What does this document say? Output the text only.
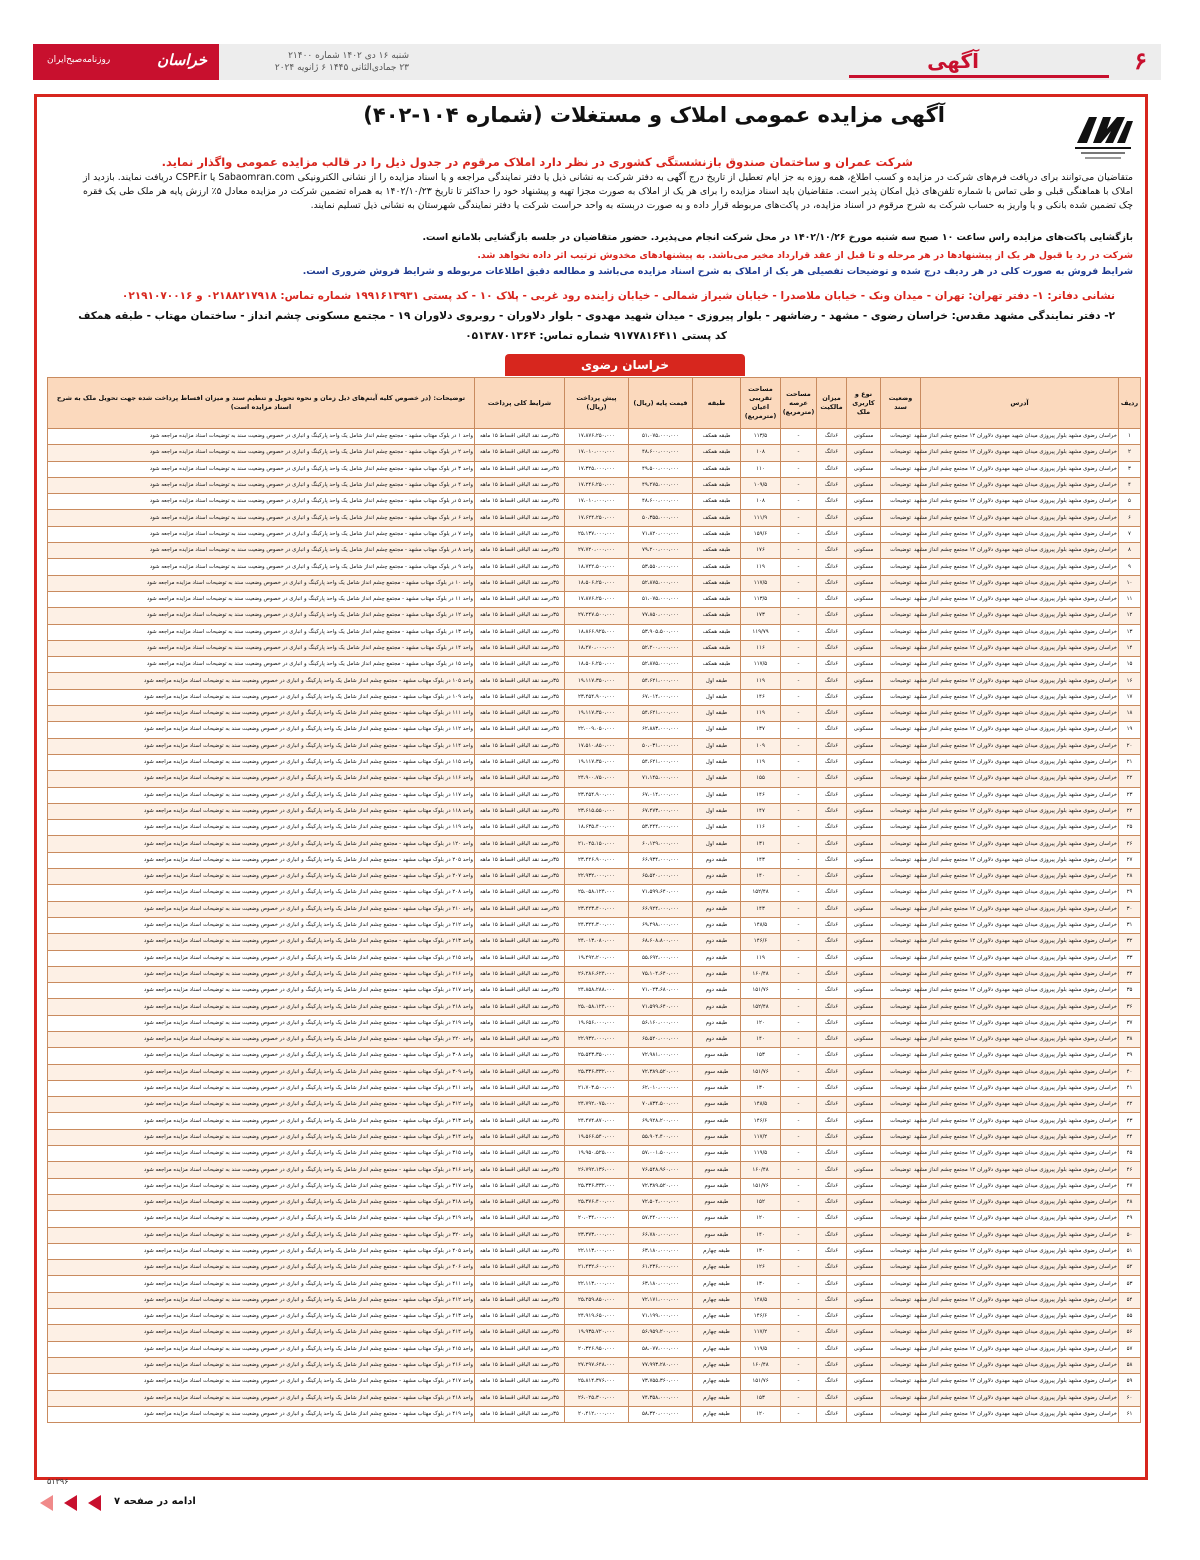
۶
آگهی
شنبه ۱۶ دی ۱۴۰۲ شماره ۲۱۴۰۰
۲۳ جمادی‌الثانی ۱۴۴۵ ۶ ژانویه ۲۰۲۴
خراسان
روزنامه‌صبح‌ایران
آگهی مزایده عمومی املاک و مستغلات (شماره ۱۰۴-۴۰۲)
شرکت عمران و ساختمان صندوق بازنشستگی کشوری در نظر دارد املاک مرقوم در جدول ذیل را در قالب مزایده عمومی واگذار نماید.
متقاضیان می‌توانند برای دریافت فرم‌های شرکت در مزایده و کسب اطلاع، همه روزه به جز ایام تعطیل از تاریخ درج آگهی به دفتر شرکت به نشانی ذیل یا دفتر نمایندگی مراجعه و یا اسناد مزایده را از نشانی الکترونیکی Sabaomran.com یا CSPF.ir دریافت نمایند. بازدید از املاک با هماهنگی قبلی و طی تماس با شماره تلفن‌های ذیل امکان پذیر است. متقاضیان باید اسناد مزایده را برای هر یک از املاک به صورت مجزا تهیه و پیشنهاد خود را حداکثر تا تاریخ ۱۴۰۲/۱۰/۲۳ به همراه تضمین شرکت در مزایده معادل ۵٪ ارزش پایه هر ملک طی یک فقره چک تضمین شده بانکی و یا واریز به حساب شرکت به شرح مرقوم در اسناد مزایده، در پاکت‌های مربوطه قرار داده و به صورت دربسته به واحد حراست شرکت یا دفتر نمایندگی شهرستان به نشانی ذیل تسلیم نمایند.
بازگشایی پاکت‌های مزایده راس ساعت ۱۰ صبح سه شنبه مورخ ۱۴۰۲/۱۰/۲۶ در محل شرکت انجام می‌پذیرد. حضور متقاضیان در جلسه بازگشایی بلامانع است.
شرکت در رد یا قبول هر یک از پیشنهادها در هر مرحله و تا قبل از عقد قرارداد مخیر می‌باشد. به پیشنهادهای مخدوش ترتیب اثر داده نخواهد شد.
شرایط فروش به صورت کلی در هر ردیف درج شده و توضیحات تفصیلی هر یک از املاک به شرح اسناد مزایده می‌باشد و مطالعه دقیق اطلاعات مربوطه و شرایط فروش ضروری است.
نشانی دفاتر: ۱- دفتر تهران: تهران - میدان ونک - خیابان ملاصدرا - خیابان شیراز شمالی - خیابان زاینده رود غربی - پلاک ۱۰ - کد پستی ۱۹۹۱۶۱۳۹۳۱ شماره تماس: ۰۲۱۸۸۲۱۷۹۱۸ و ۰۲۱۹۱۰۷۰۰۱۶
۲- دفتر نمایندگی مشهد مقدس: خراسان رضوی - مشهد - رضاشهر - بلوار پیروزی - میدان شهید مهدوی - بلوار دلاوران - روبروی دلاوران ۱۹ - مجتمع مسکونی چشم انداز - ساختمان مهتاب - طبقه همکف
کد پستی ۹۱۷۷۸۱۶۴۱۱ شماره تماس: ۰۵۱۳۸۷۰۱۳۶۴
خراسان رضوی
ردیف	آدرس	وضعیت سند	نوع و کاربری ملک	میزان مالکیت	مساحت عرصه (مترمربع)	مساحت تقریبی اعیان (مترمربع)	طبقه	قیمت پایه (ریال)	پیش پرداخت (ریال)	شرایط کلی پرداخت	توضیحات: (در خصوص کلیه آیتم‌های ذیل زمان و نحوه تحویل و تنظیم سند و میزان اقساط پرداخت شده جهت تحویل ملک به شرح اسناد مزایده است)
۱	خراسان رضوی مشهد بلوار پیروزی میدان شهید مهدوی دلاوران ۱۲ مجتمع چشم انداز مشهد	توضیحات	مسکونی	۶دانگ	-	۱۱۳/۵	طبقه همکف	۵۱،۰۷۵،۰۰۰،۰۰۰	۱۷،۸۷۶،۲۵۰،۰۰۰	۳۵درصد نقد الباقی اقساط ۱۵ ماهه	واحد ۱ در بلوک مهتاب مشهد - مجتمع چشم انداز شامل یک واحد پارکینگ و انباری در خصوص وضعیت سند به توضیحات اسناد مزایده مراجعه شود
۲	خراسان رضوی مشهد بلوار پیروزی میدان شهید مهدوی دلاوران ۱۲ مجتمع چشم انداز مشهد	توضیحات	مسکونی	۶دانگ	-	۱۰۸	طبقه همکف	۴۸،۶۰۰،۰۰۰،۰۰۰	۱۷،۰۱۰،۰۰۰،۰۰۰	۳۵درصد نقد الباقی اقساط ۱۵ ماهه	واحد ۲ در بلوک مهتاب مشهد - مجتمع چشم انداز شامل یک واحد پارکینگ و انباری در خصوص وضعیت سند به توضیحات اسناد مزایده مراجعه شود
۳	خراسان رضوی مشهد بلوار پیروزی میدان شهید مهدوی دلاوران ۱۲ مجتمع چشم انداز مشهد	توضیحات	مسکونی	۶دانگ	-	۱۱۰	طبقه همکف	۴۹،۵۰۰،۰۰۰،۰۰۰	۱۷،۳۲۵،۰۰۰،۰۰۰	۳۵درصد نقد الباقی اقساط ۱۵ ماهه	واحد ۳ در بلوک مهتاب مشهد - مجتمع چشم انداز شامل یک واحد پارکینگ و انباری در خصوص وضعیت سند به توضیحات اسناد مزایده مراجعه شود
۴	خراسان رضوی مشهد بلوار پیروزی میدان شهید مهدوی دلاوران ۱۲ مجتمع چشم انداز مشهد	توضیحات	مسکونی	۶دانگ	-	۱۰۹/۵	طبقه همکف	۴۹،۲۷۵،۰۰۰،۰۰۰	۱۷،۲۴۶،۲۵۰،۰۰۰	۳۵درصد نقد الباقی اقساط ۱۵ ماهه	واحد ۴ در بلوک مهتاب مشهد - مجتمع چشم انداز شامل یک واحد پارکینگ و انباری در خصوص وضعیت سند به توضیحات اسناد مزایده مراجعه شود
۵	خراسان رضوی مشهد بلوار پیروزی میدان شهید مهدوی دلاوران ۱۲ مجتمع چشم انداز مشهد	توضیحات	مسکونی	۶دانگ	-	۱۰۸	طبقه همکف	۴۸،۶۰۰،۰۰۰،۰۰۰	۱۷،۰۱۰،۰۰۰،۰۰۰	۳۵درصد نقد الباقی اقساط ۱۵ ماهه	واحد ۵ در بلوک مهتاب مشهد - مجتمع چشم انداز شامل یک واحد پارکینگ و انباری در خصوص وضعیت سند به توضیحات اسناد مزایده مراجعه شود
۶	خراسان رضوی مشهد بلوار پیروزی میدان شهید مهدوی دلاوران ۱۲ مجتمع چشم انداز مشهد	توضیحات	مسکونی	۶دانگ	-	۱۱۱/۹	طبقه همکف	۵۰،۳۵۵،۰۰۰،۰۰۰	۱۷،۶۲۴،۲۵۰،۰۰۰	۳۵درصد نقد الباقی اقساط ۱۵ ماهه	واحد ۶ در بلوک مهتاب مشهد - مجتمع چشم انداز شامل یک واحد پارکینگ و انباری در خصوص وضعیت سند به توضیحات اسناد مزایده مراجعه شود
۷	خراسان رضوی مشهد بلوار پیروزی میدان شهید مهدوی دلاوران ۱۲ مجتمع چشم انداز مشهد	توضیحات	مسکونی	۶دانگ	-	۱۵۹/۶	طبقه همکف	۷۱،۸۲۰،۰۰۰،۰۰۰	۲۵،۱۳۷،۰۰۰،۰۰۰	۳۵درصد نقد الباقی اقساط ۱۵ ماهه	واحد ۷ در بلوک مهتاب مشهد - مجتمع چشم انداز شامل یک واحد پارکینگ و انباری در خصوص وضعیت سند به توضیحات اسناد مزایده مراجعه شود
۸	خراسان رضوی مشهد بلوار پیروزی میدان شهید مهدوی دلاوران ۱۲ مجتمع چشم انداز مشهد	توضیحات	مسکونی	۶دانگ	-	۱۷۶	طبقه همکف	۷۹،۲۰۰،۰۰۰،۰۰۰	۲۷،۷۲۰،۰۰۰،۰۰۰	۳۵درصد نقد الباقی اقساط ۱۵ ماهه	واحد ۸ در بلوک مهتاب مشهد - مجتمع چشم انداز شامل یک واحد پارکینگ و انباری در خصوص وضعیت سند به توضیحات اسناد مزایده مراجعه شود
۹	خراسان رضوی مشهد بلوار پیروزی میدان شهید مهدوی دلاوران ۱۲ مجتمع چشم انداز مشهد	توضیحات	مسکونی	۶دانگ	-	۱۱۹	طبقه همکف	۵۳،۵۵۰،۰۰۰،۰۰۰	۱۸،۷۴۲،۵۰۰،۰۰۰	۳۵درصد نقد الباقی اقساط ۱۵ ماهه	واحد ۹ در بلوک مهتاب مشهد - مجتمع چشم انداز شامل یک واحد پارکینگ و انباری در خصوص وضعیت سند به توضیحات اسناد مزایده مراجعه شود
۱۰	خراسان رضوی مشهد بلوار پیروزی میدان شهید مهدوی دلاوران ۱۲ مجتمع چشم انداز مشهد	توضیحات	مسکونی	۶دانگ	-	۱۱۷/۵	طبقه همکف	۵۲،۸۷۵،۰۰۰،۰۰۰	۱۸،۵۰۶،۲۵۰،۰۰۰	۳۵درصد نقد الباقی اقساط ۱۵ ماهه	واحد ۱۰ در بلوک مهتاب مشهد - مجتمع چشم انداز شامل یک واحد پارکینگ و انباری در خصوص وضعیت سند به توضیحات اسناد مزایده مراجعه شود
۱۱	خراسان رضوی مشهد بلوار پیروزی میدان شهید مهدوی دلاوران ۱۲ مجتمع چشم انداز مشهد	توضیحات	مسکونی	۶دانگ	-	۱۱۳/۵	طبقه همکف	۵۱،۰۷۵،۰۰۰،۰۰۰	۱۷،۸۷۶،۲۵۰،۰۰۰	۳۵درصد نقد الباقی اقساط ۱۵ ماهه	واحد ۱۱ در بلوک مهتاب مشهد - مجتمع چشم انداز شامل یک واحد پارکینگ و انباری در خصوص وضعیت سند به توضیحات اسناد مزایده مراجعه شود
۱۲	خراسان رضوی مشهد بلوار پیروزی میدان شهید مهدوی دلاوران ۱۲ مجتمع چشم انداز مشهد	توضیحات	مسکونی	۶دانگ	-	۱۷۳	طبقه همکف	۷۷،۸۵۰،۰۰۰،۰۰۰	۲۷،۲۴۷،۵۰۰،۰۰۰	۳۵درصد نقد الباقی اقساط ۱۵ ماهه	واحد ۱۲ در بلوک مهتاب مشهد - مجتمع چشم انداز شامل یک واحد پارکینگ و انباری در خصوص وضعیت سند به توضیحات اسناد مزایده مراجعه شود
۱۳	خراسان رضوی مشهد بلوار پیروزی میدان شهید مهدوی دلاوران ۱۲ مجتمع چشم انداز مشهد	توضیحات	مسکونی	۶دانگ	-	۱۱۹/۷۹	طبقه همکف	۵۳،۹۰۵،۵۰۰،۰۰۰	۱۸،۸۶۶،۹۲۵،۰۰۰	۳۵درصد نقد الباقی اقساط ۱۵ ماهه	واحد ۱۳ در بلوک مهتاب مشهد - مجتمع چشم انداز شامل یک واحد پارکینگ و انباری در خصوص وضعیت سند به توضیحات اسناد مزایده مراجعه شود
۱۴	خراسان رضوی مشهد بلوار پیروزی میدان شهید مهدوی دلاوران ۱۲ مجتمع چشم انداز مشهد	توضیحات	مسکونی	۶دانگ	-	۱۱۶	طبقه همکف	۵۲،۲۰۰،۰۰۰،۰۰۰	۱۸،۲۷۰،۰۰۰،۰۰۰	۳۵درصد نقد الباقی اقساط ۱۵ ماهه	واحد ۱۴ در بلوک مهتاب مشهد - مجتمع چشم انداز شامل یک واحد پارکینگ و انباری در خصوص وضعیت سند به توضیحات اسناد مزایده مراجعه شود
۱۵	خراسان رضوی مشهد بلوار پیروزی میدان شهید مهدوی دلاوران ۱۲ مجتمع چشم انداز مشهد	توضیحات	مسکونی	۶دانگ	-	۱۱۷/۵	طبقه همکف	۵۲،۸۷۵،۰۰۰،۰۰۰	۱۸،۵۰۶،۲۵۰،۰۰۰	۳۵درصد نقد الباقی اقساط ۱۵ ماهه	واحد ۱۵ در بلوک مهتاب مشهد - مجتمع چشم انداز شامل یک واحد پارکینگ و انباری در خصوص وضعیت سند به توضیحات اسناد مزایده مراجعه شود
۱۶	خراسان رضوی مشهد بلوار پیروزی میدان شهید مهدوی دلاوران ۱۲ مجتمع چشم انداز مشهد	توضیحات	مسکونی	۶دانگ	-	۱۱۹	طبقه اول	۵۴،۶۲۱،۰۰۰،۰۰۰	۱۹،۱۱۷،۳۵۰،۰۰۰	۳۵درصد نقد الباقی اقساط ۱۵ ماهه	واحد ۱۰۵ در بلوک مهتاب مشهد - مجتمع چشم انداز شامل یک واحد پارکینگ و انباری در خصوص وضعیت سند به توضیحات اسناد مزایده مراجعه شود
۱۷	خراسان رضوی مشهد بلوار پیروزی میدان شهید مهدوی دلاوران ۱۲ مجتمع چشم انداز مشهد	توضیحات	مسکونی	۶دانگ	-	۱۴۶	طبقه اول	۶۷،۰۱۴،۰۰۰،۰۰۰	۲۳،۴۵۴،۹۰۰،۰۰۰	۳۵درصد نقد الباقی اقساط ۱۵ ماهه	واحد ۱۰۹ در بلوک مهتاب مشهد - مجتمع چشم انداز شامل یک واحد پارکینگ و انباری در خصوص وضعیت سند به توضیحات اسناد مزایده مراجعه شود
۱۸	خراسان رضوی مشهد بلوار پیروزی میدان شهید مهدوی دلاوران ۱۲ مجتمع چشم انداز مشهد	توضیحات	مسکونی	۶دانگ	-	۱۱۹	طبقه اول	۵۴،۶۲۱،۰۰۰،۰۰۰	۱۹،۱۱۷،۳۵۰،۰۰۰	۳۵درصد نقد الباقی اقساط ۱۵ ماهه	واحد ۱۱۱ در بلوک مهتاب مشهد - مجتمع چشم انداز شامل یک واحد پارکینگ و انباری در خصوص وضعیت سند به توضیحات اسناد مزایده مراجعه شود
۱۹	خراسان رضوی مشهد بلوار پیروزی میدان شهید مهدوی دلاوران ۱۲ مجتمع چشم انداز مشهد	توضیحات	مسکونی	۶دانگ	-	۱۳۷	طبقه اول	۶۲،۸۸۳،۰۰۰،۰۰۰	۲۲،۰۰۹،۰۵۰،۰۰۰	۳۵درصد نقد الباقی اقساط ۱۵ ماهه	واحد ۱۱۲ در بلوک مهتاب مشهد - مجتمع چشم انداز شامل یک واحد پارکینگ و انباری در خصوص وضعیت سند به توضیحات اسناد مزایده مراجعه شود
۲۰	خراسان رضوی مشهد بلوار پیروزی میدان شهید مهدوی دلاوران ۱۲ مجتمع چشم انداز مشهد	توضیحات	مسکونی	۶دانگ	-	۱۰۹	طبقه اول	۵۰،۰۳۱،۰۰۰،۰۰۰	۱۷،۵۱۰،۸۵۰،۰۰۰	۳۵درصد نقد الباقی اقساط ۱۵ ماهه	واحد ۱۱۴ در بلوک مهتاب مشهد - مجتمع چشم انداز شامل یک واحد پارکینگ و انباری در خصوص وضعیت سند به توضیحات اسناد مزایده مراجعه شود
۲۱	خراسان رضوی مشهد بلوار پیروزی میدان شهید مهدوی دلاوران ۱۲ مجتمع چشم انداز مشهد	توضیحات	مسکونی	۶دانگ	-	۱۱۹	طبقه اول	۵۴،۶۲۱،۰۰۰،۰۰۰	۱۹،۱۱۷،۳۵۰،۰۰۰	۳۵درصد نقد الباقی اقساط ۱۵ ماهه	واحد ۱۱۵ در بلوک مهتاب مشهد - مجتمع چشم انداز شامل یک واحد پارکینگ و انباری در خصوص وضعیت سند به توضیحات اسناد مزایده مراجعه شود
۲۲	خراسان رضوی مشهد بلوار پیروزی میدان شهید مهدوی دلاوران ۱۲ مجتمع چشم انداز مشهد	توضیحات	مسکونی	۶دانگ	-	۱۵۵	طبقه اول	۷۱،۱۴۵،۰۰۰،۰۰۰	۲۴،۹۰۰،۷۵۰،۰۰۰	۳۵درصد نقد الباقی اقساط ۱۵ ماهه	واحد ۱۱۶ در بلوک مهتاب مشهد - مجتمع چشم انداز شامل یک واحد پارکینگ و انباری در خصوص وضعیت سند به توضیحات اسناد مزایده مراجعه شود
۲۳	خراسان رضوی مشهد بلوار پیروزی میدان شهید مهدوی دلاوران ۱۲ مجتمع چشم انداز مشهد	توضیحات	مسکونی	۶دانگ	-	۱۴۶	طبقه اول	۶۷،۰۱۴،۰۰۰،۰۰۰	۲۳،۴۵۴،۹۰۰،۰۰۰	۳۵درصد نقد الباقی اقساط ۱۵ ماهه	واحد ۱۱۷ در بلوک مهتاب مشهد - مجتمع چشم انداز شامل یک واحد پارکینگ و انباری در خصوص وضعیت سند به توضیحات اسناد مزایده مراجعه شود
۲۴	خراسان رضوی مشهد بلوار پیروزی میدان شهید مهدوی دلاوران ۱۲ مجتمع چشم انداز مشهد	توضیحات	مسکونی	۶دانگ	-	۱۴۷	طبقه اول	۶۷،۴۷۳،۰۰۰،۰۰۰	۲۳،۶۱۵،۵۵۰،۰۰۰	۳۵درصد نقد الباقی اقساط ۱۵ ماهه	واحد ۱۱۸ در بلوک مهتاب مشهد - مجتمع چشم انداز شامل یک واحد پارکینگ و انباری در خصوص وضعیت سند به توضیحات اسناد مزایده مراجعه شود
۲۵	خراسان رضوی مشهد بلوار پیروزی میدان شهید مهدوی دلاوران ۱۲ مجتمع چشم انداز مشهد	توضیحات	مسکونی	۶دانگ	-	۱۱۶	طبقه اول	۵۳،۲۴۴،۰۰۰،۰۰۰	۱۸،۶۳۵،۴۰۰،۰۰۰	۳۵درصد نقد الباقی اقساط ۱۵ ماهه	واحد ۱۱۹ در بلوک مهتاب مشهد - مجتمع چشم انداز شامل یک واحد پارکینگ و انباری در خصوص وضعیت سند به توضیحات اسناد مزایده مراجعه شود
۲۶	خراسان رضوی مشهد بلوار پیروزی میدان شهید مهدوی دلاوران ۱۲ مجتمع چشم انداز مشهد	توضیحات	مسکونی	۶دانگ	-	۱۳۱	طبقه اول	۶۰،۱۲۹،۰۰۰،۰۰۰	۲۱،۰۴۵،۱۵۰،۰۰۰	۳۵درصد نقد الباقی اقساط ۱۵ ماهه	واحد ۱۲۰ در بلوک مهتاب مشهد - مجتمع چشم انداز شامل یک واحد پارکینگ و انباری در خصوص وضعیت سند به توضیحات اسناد مزایده مراجعه شود
۲۷	خراسان رضوی مشهد بلوار پیروزی میدان شهید مهدوی دلاوران ۱۲ مجتمع چشم انداز مشهد	توضیحات	مسکونی	۶دانگ	-	۱۴۳	طبقه دوم	۶۶،۹۳۴،۰۰۰،۰۰۰	۲۳،۴۲۶،۹۰۰،۰۰۰	۳۵درصد نقد الباقی اقساط ۱۵ ماهه	واحد ۲۰۵ در بلوک مهتاب مشهد - مجتمع چشم انداز شامل یک واحد پارکینگ و انباری در خصوص وضعیت سند به توضیحات اسناد مزایده مراجعه شود
۲۸	خراسان رضوی مشهد بلوار پیروزی میدان شهید مهدوی دلاوران ۱۲ مجتمع چشم انداز مشهد	توضیحات	مسکونی	۶دانگ	-	۱۴۰	طبقه دوم	۶۵،۵۲۰،۰۰۰،۰۰۰	۲۲،۹۳۲،۰۰۰،۰۰۰	۳۵درصد نقد الباقی اقساط ۱۵ ماهه	واحد ۲۰۷ در بلوک مهتاب مشهد - مجتمع چشم انداز شامل یک واحد پارکینگ و انباری در خصوص وضعیت سند به توضیحات اسناد مزایده مراجعه شود
۲۹	خراسان رضوی مشهد بلوار پیروزی میدان شهید مهدوی دلاوران ۱۲ مجتمع چشم انداز مشهد	توضیحات	مسکونی	۶دانگ	-	۱۵۲/۴۸	طبقه دوم	۷۱،۵۹۹،۶۴۰،۰۰۰	۲۵،۰۵۸،۱۲۴،۰۰۰	۳۵درصد نقد الباقی اقساط ۱۵ ماهه	واحد ۲۰۸ در بلوک مهتاب مشهد - مجتمع چشم انداز شامل یک واحد پارکینگ و انباری در خصوص وضعیت سند به توضیحات اسناد مزایده مراجعه شود
۳۰	خراسان رضوی مشهد بلوار پیروزی میدان شهید مهدوی دلاوران ۱۲ مجتمع چشم انداز مشهد	توضیحات	مسکونی	۶دانگ	-	۱۴۳	طبقه دوم	۶۶،۹۲۴،۰۰۰،۰۰۰	۲۳،۴۲۳،۴۰۰،۰۰۰	۳۵درصد نقد الباقی اقساط ۱۵ ماهه	واحد ۲۱۰ در بلوک مهتاب مشهد - مجتمع چشم انداز شامل یک واحد پارکینگ و انباری در خصوص وضعیت سند به توضیحات اسناد مزایده مراجعه شود
۳۱	خراسان رضوی مشهد بلوار پیروزی میدان شهید مهدوی دلاوران ۱۲ مجتمع چشم انداز مشهد	توضیحات	مسکونی	۶دانگ	-	۱۴۸/۵	طبقه دوم	۶۹،۴۹۸،۰۰۰،۰۰۰	۲۴،۳۲۴،۳۰۰،۰۰۰	۳۵درصد نقد الباقی اقساط ۱۵ ماهه	واحد ۲۱۲ در بلوک مهتاب مشهد - مجتمع چشم انداز شامل یک واحد پارکینگ و انباری در خصوص وضعیت سند به توضیحات اسناد مزایده مراجعه شود
۳۲	خراسان رضوی مشهد بلوار پیروزی میدان شهید مهدوی دلاوران ۱۲ مجتمع چشم انداز مشهد	توضیحات	مسکونی	۶دانگ	-	۱۴۶/۶	طبقه دوم	۶۸،۶۰۸،۸۰۰،۰۰۰	۲۴،۰۱۳،۰۸۰،۰۰۰	۳۵درصد نقد الباقی اقساط ۱۵ ماهه	واحد ۲۱۳ در بلوک مهتاب مشهد - مجتمع چشم انداز شامل یک واحد پارکینگ و انباری در خصوص وضعیت سند به توضیحات اسناد مزایده مراجعه شود
۳۳	خراسان رضوی مشهد بلوار پیروزی میدان شهید مهدوی دلاوران ۱۲ مجتمع چشم انداز مشهد	توضیحات	مسکونی	۶دانگ	-	۱۱۹	طبقه دوم	۵۵،۶۹۲،۰۰۰،۰۰۰	۱۹،۴۹۲،۲۰۰،۰۰۰	۳۵درصد نقد الباقی اقساط ۱۵ ماهه	واحد ۲۱۵ در بلوک مهتاب مشهد - مجتمع چشم انداز شامل یک واحد پارکینگ و انباری در خصوص وضعیت سند به توضیحات اسناد مزایده مراجعه شود
۳۴	خراسان رضوی مشهد بلوار پیروزی میدان شهید مهدوی دلاوران ۱۲ مجتمع چشم انداز مشهد	توضیحات	مسکونی	۶دانگ	-	۱۶۰/۴۸	طبقه دوم	۷۵،۱۰۴،۶۴۰،۰۰۰	۲۶،۲۸۶،۶۲۴،۰۰۰	۳۵درصد نقد الباقی اقساط ۱۵ ماهه	واحد ۲۱۶ در بلوک مهتاب مشهد - مجتمع چشم انداز شامل یک واحد پارکینگ و انباری در خصوص وضعیت سند به توضیحات اسناد مزایده مراجعه شود
۳۵	خراسان رضوی مشهد بلوار پیروزی میدان شهید مهدوی دلاوران ۱۲ مجتمع چشم انداز مشهد	توضیحات	مسکونی	۶دانگ	-	۱۵۱/۷۶	طبقه دوم	۷۱،۰۲۳،۶۸۰،۰۰۰	۲۴،۸۵۸،۲۸۸،۰۰۰	۳۵درصد نقد الباقی اقساط ۱۵ ماهه	واحد ۲۱۷ در بلوک مهتاب مشهد - مجتمع چشم انداز شامل یک واحد پارکینگ و انباری در خصوص وضعیت سند به توضیحات اسناد مزایده مراجعه شود
۳۶	خراسان رضوی مشهد بلوار پیروزی میدان شهید مهدوی دلاوران ۱۲ مجتمع چشم انداز مشهد	توضیحات	مسکونی	۶دانگ	-	۱۵۲/۴۸	طبقه دوم	۷۱،۵۹۹،۶۴۰،۰۰۰	۲۵،۰۵۸،۱۲۴،۰۰۰	۳۵درصد نقد الباقی اقساط ۱۵ ماهه	واحد ۲۱۸ در بلوک مهتاب مشهد - مجتمع چشم انداز شامل یک واحد پارکینگ و انباری در خصوص وضعیت سند به توضیحات اسناد مزایده مراجعه شود
۳۷	خراسان رضوی مشهد بلوار پیروزی میدان شهید مهدوی دلاوران ۱۲ مجتمع چشم انداز مشهد	توضیحات	مسکونی	۶دانگ	-	۱۲۰	طبقه دوم	۵۶،۱۶۰،۰۰۰،۰۰۰	۱۹،۶۵۶،۰۰۰،۰۰۰	۳۵درصد نقد الباقی اقساط ۱۵ ماهه	واحد ۲۱۹ در بلوک مهتاب مشهد - مجتمع چشم انداز شامل یک واحد پارکینگ و انباری در خصوص وضعیت سند به توضیحات اسناد مزایده مراجعه شود
۳۸	خراسان رضوی مشهد بلوار پیروزی میدان شهید مهدوی دلاوران ۱۲ مجتمع چشم انداز مشهد	توضیحات	مسکونی	۶دانگ	-	۱۴۰	طبقه دوم	۶۵،۵۲۰،۰۰۰،۰۰۰	۲۲،۹۳۲،۰۰۰،۰۰۰	۳۵درصد نقد الباقی اقساط ۱۵ ماهه	واحد ۲۲۰ در بلوک مهتاب مشهد - مجتمع چشم انداز شامل یک واحد پارکینگ و انباری در خصوص وضعیت سند به توضیحات اسناد مزایده مراجعه شود
۳۹	خراسان رضوی مشهد بلوار پیروزی میدان شهید مهدوی دلاوران ۱۲ مجتمع چشم انداز مشهد	توضیحات	مسکونی	۶دانگ	-	۱۵۳	طبقه سوم	۷۲،۹۸۱،۰۰۰،۰۰۰	۲۵،۵۴۳،۳۵۰،۰۰۰	۳۵درصد نقد الباقی اقساط ۱۵ ماهه	واحد ۳۰۸ در بلوک مهتاب مشهد - مجتمع چشم انداز شامل یک واحد پارکینگ و انباری در خصوص وضعیت سند به توضیحات اسناد مزایده مراجعه شود
۴۰	خراسان رضوی مشهد بلوار پیروزی میدان شهید مهدوی دلاوران ۱۲ مجتمع چشم انداز مشهد	توضیحات	مسکونی	۶دانگ	-	۱۵۱/۷۶	طبقه سوم	۷۲،۳۸۹،۵۲۰،۰۰۰	۲۵،۳۳۶،۳۳۲،۰۰۰	۳۵درصد نقد الباقی اقساط ۱۵ ماهه	واحد ۳۰۹ در بلوک مهتاب مشهد - مجتمع چشم انداز شامل یک واحد پارکینگ و انباری در خصوص وضعیت سند به توضیحات اسناد مزایده مراجعه شود
۴۱	خراسان رضوی مشهد بلوار پیروزی میدان شهید مهدوی دلاوران ۱۲ مجتمع چشم انداز مشهد	توضیحات	مسکونی	۶دانگ	-	۱۳۰	طبقه سوم	۶۲،۰۱۰،۰۰۰،۰۰۰	۲۱،۷۰۳،۵۰۰،۰۰۰	۳۵درصد نقد الباقی اقساط ۱۵ ماهه	واحد ۳۱۱ در بلوک مهتاب مشهد - مجتمع چشم انداز شامل یک واحد پارکینگ و انباری در خصوص وضعیت سند به توضیحات اسناد مزایده مراجعه شود
۴۲	خراسان رضوی مشهد بلوار پیروزی میدان شهید مهدوی دلاوران ۱۲ مجتمع چشم انداز مشهد	توضیحات	مسکونی	۶دانگ	-	۱۴۸/۵	طبقه سوم	۷۰،۸۳۴،۵۰۰،۰۰۰	۲۴،۷۹۲،۰۷۵،۰۰۰	۳۵درصد نقد الباقی اقساط ۱۵ ماهه	واحد ۳۱۲ در بلوک مهتاب مشهد - مجتمع چشم انداز شامل یک واحد پارکینگ و انباری در خصوص وضعیت سند به توضیحات اسناد مزایده مراجعه شود
۴۳	خراسان رضوی مشهد بلوار پیروزی میدان شهید مهدوی دلاوران ۱۲ مجتمع چشم انداز مشهد	توضیحات	مسکونی	۶دانگ	-	۱۴۶/۶	طبقه سوم	۶۹،۹۲۸،۲۰۰،۰۰۰	۲۴،۴۷۴،۸۷۰،۰۰۰	۳۵درصد نقد الباقی اقساط ۱۵ ماهه	واحد ۳۱۳ در بلوک مهتاب مشهد - مجتمع چشم انداز شامل یک واحد پارکینگ و انباری در خصوص وضعیت سند به توضیحات اسناد مزایده مراجعه شود
۴۴	خراسان رضوی مشهد بلوار پیروزی میدان شهید مهدوی دلاوران ۱۲ مجتمع چشم انداز مشهد	توضیحات	مسکونی	۶دانگ	-	۱۱۷/۲	طبقه سوم	۵۵،۹۰۴،۴۰۰،۰۰۰	۱۹،۵۶۶،۵۴۰،۰۰۰	۳۵درصد نقد الباقی اقساط ۱۵ ماهه	واحد ۳۱۴ در بلوک مهتاب مشهد - مجتمع چشم انداز شامل یک واحد پارکینگ و انباری در خصوص وضعیت سند به توضیحات اسناد مزایده مراجعه شود
۴۵	خراسان رضوی مشهد بلوار پیروزی میدان شهید مهدوی دلاوران ۱۲ مجتمع چشم انداز مشهد	توضیحات	مسکونی	۶دانگ	-	۱۱۹/۵	طبقه سوم	۵۷،۰۰۱،۵۰۰،۰۰۰	۱۹،۹۵۰،۵۲۵،۰۰۰	۳۵درصد نقد الباقی اقساط ۱۵ ماهه	واحد ۳۱۵ در بلوک مهتاب مشهد - مجتمع چشم انداز شامل یک واحد پارکینگ و انباری در خصوص وضعیت سند به توضیحات اسناد مزایده مراجعه شود
۴۶	خراسان رضوی مشهد بلوار پیروزی میدان شهید مهدوی دلاوران ۱۲ مجتمع چشم انداز مشهد	توضیحات	مسکونی	۶دانگ	-	۱۶۰/۴۸	طبقه سوم	۷۶،۵۴۸،۹۶۰،۰۰۰	۲۶،۷۹۲،۱۳۶،۰۰۰	۳۵درصد نقد الباقی اقساط ۱۵ ماهه	واحد ۳۱۶ در بلوک مهتاب مشهد - مجتمع چشم انداز شامل یک واحد پارکینگ و انباری در خصوص وضعیت سند به توضیحات اسناد مزایده مراجعه شود
۴۷	خراسان رضوی مشهد بلوار پیروزی میدان شهید مهدوی دلاوران ۱۲ مجتمع چشم انداز مشهد	توضیحات	مسکونی	۶دانگ	-	۱۵۱/۷۶	طبقه سوم	۷۲،۳۸۹،۵۲۰،۰۰۰	۲۵،۳۳۶،۳۳۲،۰۰۰	۳۵درصد نقد الباقی اقساط ۱۵ ماهه	واحد ۳۱۷ در بلوک مهتاب مشهد - مجتمع چشم انداز شامل یک واحد پارکینگ و انباری در خصوص وضعیت سند به توضیحات اسناد مزایده مراجعه شود
۴۸	خراسان رضوی مشهد بلوار پیروزی میدان شهید مهدوی دلاوران ۱۲ مجتمع چشم انداز مشهد	توضیحات	مسکونی	۶دانگ	-	۱۵۲	طبقه سوم	۷۲،۵۰۴،۰۰۰،۰۰۰	۲۵،۳۷۶،۴۰۰،۰۰۰	۳۵درصد نقد الباقی اقساط ۱۵ ماهه	واحد ۳۱۸ در بلوک مهتاب مشهد - مجتمع چشم انداز شامل یک واحد پارکینگ و انباری در خصوص وضعیت سند به توضیحات اسناد مزایده مراجعه شود
۴۹	خراسان رضوی مشهد بلوار پیروزی میدان شهید مهدوی دلاوران ۱۲ مجتمع چشم انداز مشهد	توضیحات	مسکونی	۶دانگ	-	۱۲۰	طبقه سوم	۵۷،۲۴۰،۰۰۰،۰۰۰	۲۰،۰۳۴،۰۰۰،۰۰۰	۳۵درصد نقد الباقی اقساط ۱۵ ماهه	واحد ۳۱۹ در بلوک مهتاب مشهد - مجتمع چشم انداز شامل یک واحد پارکینگ و انباری در خصوص وضعیت سند به توضیحات اسناد مزایده مراجعه شود
۵۰	خراسان رضوی مشهد بلوار پیروزی میدان شهید مهدوی دلاوران ۱۲ مجتمع چشم انداز مشهد	توضیحات	مسکونی	۶دانگ	-	۱۴۰	طبقه سوم	۶۶،۷۸۰،۰۰۰،۰۰۰	۲۳،۳۷۳،۰۰۰،۰۰۰	۳۵درصد نقد الباقی اقساط ۱۵ ماهه	واحد ۳۲۰ در بلوک مهتاب مشهد - مجتمع چشم انداز شامل یک واحد پارکینگ و انباری در خصوص وضعیت سند به توضیحات اسناد مزایده مراجعه شود
۵۱	خراسان رضوی مشهد بلوار پیروزی میدان شهید مهدوی دلاوران ۱۲ مجتمع چشم انداز مشهد	توضیحات	مسکونی	۶دانگ	-	۱۳۰	طبقه چهارم	۶۳،۱۸۰،۰۰۰،۰۰۰	۲۲،۱۱۳،۰۰۰،۰۰۰	۳۵درصد نقد الباقی اقساط ۱۵ ماهه	واحد ۴۰۵ در بلوک مهتاب مشهد - مجتمع چشم انداز شامل یک واحد پارکینگ و انباری در خصوص وضعیت سند به توضیحات اسناد مزایده مراجعه شود
۵۲	خراسان رضوی مشهد بلوار پیروزی میدان شهید مهدوی دلاوران ۱۲ مجتمع چشم انداز مشهد	توضیحات	مسکونی	۶دانگ	-	۱۲۶	طبقه چهارم	۶۱،۲۳۶،۰۰۰،۰۰۰	۲۱،۴۳۲،۶۰۰،۰۰۰	۳۵درصد نقد الباقی اقساط ۱۵ ماهه	واحد ۴۰۶ در بلوک مهتاب مشهد - مجتمع چشم انداز شامل یک واحد پارکینگ و انباری در خصوص وضعیت سند به توضیحات اسناد مزایده مراجعه شود
۵۳	خراسان رضوی مشهد بلوار پیروزی میدان شهید مهدوی دلاوران ۱۲ مجتمع چشم انداز مشهد	توضیحات	مسکونی	۶دانگ	-	۱۳۰	طبقه چهارم	۶۳،۱۸۰،۰۰۰،۰۰۰	۲۲،۱۱۳،۰۰۰،۰۰۰	۳۵درصد نقد الباقی اقساط ۱۵ ماهه	واحد ۴۱۱ در بلوک مهتاب مشهد - مجتمع چشم انداز شامل یک واحد پارکینگ و انباری در خصوص وضعیت سند به توضیحات اسناد مزایده مراجعه شود
۵۴	خراسان رضوی مشهد بلوار پیروزی میدان شهید مهدوی دلاوران ۱۲ مجتمع چشم انداز مشهد	توضیحات	مسکونی	۶دانگ	-	۱۴۸/۵	طبقه چهارم	۷۲،۱۷۱،۰۰۰،۰۰۰	۲۵،۲۵۹،۸۵۰،۰۰۰	۳۵درصد نقد الباقی اقساط ۱۵ ماهه	واحد ۴۱۲ در بلوک مهتاب مشهد - مجتمع چشم انداز شامل یک واحد پارکینگ و انباری در خصوص وضعیت سند به توضیحات اسناد مزایده مراجعه شود
۵۵	خراسان رضوی مشهد بلوار پیروزی میدان شهید مهدوی دلاوران ۱۲ مجتمع چشم انداز مشهد	توضیحات	مسکونی	۶دانگ	-	۱۴۶/۶	طبقه چهارم	۷۱،۱۹۹،۰۰۰،۰۰۰	۲۴،۹۱۹،۶۵۰،۰۰۰	۳۵درصد نقد الباقی اقساط ۱۵ ماهه	واحد ۴۱۳ در بلوک مهتاب مشهد - مجتمع چشم انداز شامل یک واحد پارکینگ و انباری در خصوص وضعیت سند به توضیحات اسناد مزایده مراجعه شود
۵۶	خراسان رضوی مشهد بلوار پیروزی میدان شهید مهدوی دلاوران ۱۲ مجتمع چشم انداز مشهد	توضیحات	مسکونی	۶دانگ	-	۱۱۷/۲	طبقه چهارم	۵۶،۹۵۹،۲۰۰،۰۰۰	۱۹،۹۳۵،۷۲۰،۰۰۰	۳۵درصد نقد الباقی اقساط ۱۵ ماهه	واحد ۴۱۴ در بلوک مهتاب مشهد - مجتمع چشم انداز شامل یک واحد پارکینگ و انباری در خصوص وضعیت سند به توضیحات اسناد مزایده مراجعه شود
۵۷	خراسان رضوی مشهد بلوار پیروزی میدان شهید مهدوی دلاوران ۱۲ مجتمع چشم انداز مشهد	توضیحات	مسکونی	۶دانگ	-	۱۱۹/۵	طبقه چهارم	۵۸،۰۷۷،۰۰۰،۰۰۰	۲۰،۳۲۶،۹۵۰،۰۰۰	۳۵درصد نقد الباقی اقساط ۱۵ ماهه	واحد ۴۱۵ در بلوک مهتاب مشهد - مجتمع چشم انداز شامل یک واحد پارکینگ و انباری در خصوص وضعیت سند به توضیحات اسناد مزایده مراجعه شود
۵۸	خراسان رضوی مشهد بلوار پیروزی میدان شهید مهدوی دلاوران ۱۲ مجتمع چشم انداز مشهد	توضیحات	مسکونی	۶دانگ	-	۱۶۰/۴۸	طبقه چهارم	۷۷،۹۹۳،۲۸۰،۰۰۰	۲۷،۲۹۷،۶۴۸،۰۰۰	۳۵درصد نقد الباقی اقساط ۱۵ ماهه	واحد ۴۱۶ در بلوک مهتاب مشهد - مجتمع چشم انداز شامل یک واحد پارکینگ و انباری در خصوص وضعیت سند به توضیحات اسناد مزایده مراجعه شود
۵۹	خراسان رضوی مشهد بلوار پیروزی میدان شهید مهدوی دلاوران ۱۲ مجتمع چشم انداز مشهد	توضیحات	مسکونی	۶دانگ	-	۱۵۱/۷۶	طبقه چهارم	۷۳،۷۵۵،۳۶۰،۰۰۰	۲۵،۸۱۴،۳۷۶،۰۰۰	۳۵درصد نقد الباقی اقساط ۱۵ ماهه	واحد ۴۱۷ در بلوک مهتاب مشهد - مجتمع چشم انداز شامل یک واحد پارکینگ و انباری در خصوص وضعیت سند به توضیحات اسناد مزایده مراجعه شود
۶۰	خراسان رضوی مشهد بلوار پیروزی میدان شهید مهدوی دلاوران ۱۲ مجتمع چشم انداز مشهد	توضیحات	مسکونی	۶دانگ	-	۱۵۳	طبقه چهارم	۷۴،۳۵۸،۰۰۰،۰۰۰	۲۶،۰۲۵،۳۰۰،۰۰۰	۳۵درصد نقد الباقی اقساط ۱۵ ماهه	واحد ۴۱۸ در بلوک مهتاب مشهد - مجتمع چشم انداز شامل یک واحد پارکینگ و انباری در خصوص وضعیت سند به توضیحات اسناد مزایده مراجعه شود
۶۱	خراسان رضوی مشهد بلوار پیروزی میدان شهید مهدوی دلاوران ۱۲ مجتمع چشم انداز مشهد	توضیحات	مسکونی	۶دانگ	-	۱۲۰	طبقه چهارم	۵۸،۳۲۰،۰۰۰،۰۰۰	۲۰،۴۱۲،۰۰۰،۰۰۰	۳۵درصد نقد الباقی اقساط ۱۵ ماهه	واحد ۴۱۹ در بلوک مهتاب مشهد - مجتمع چشم انداز شامل یک واحد پارکینگ و انباری در خصوص وضعیت سند به توضیحات اسناد مزایده مراجعه شود
۵۱۳۹۶
ادامه در صفحه ۷
